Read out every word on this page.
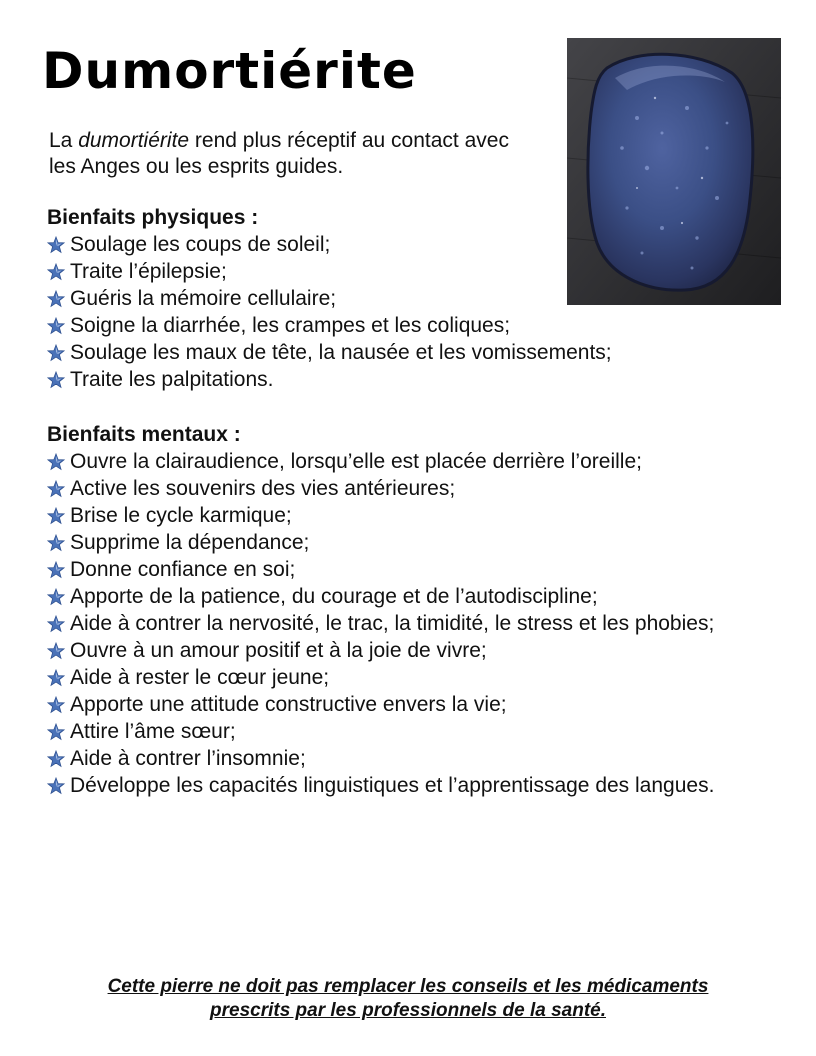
Dumortiérite

La dumortiérite rend plus réceptif au contact avec les Anges ou les esprits guides.

Bienfaits physiques :

Soulage les coups de soleil;
Traite l’épilepsie;
Guéris la mémoire cellulaire;
Soigne la diarrhée, les crampes et les coliques;
Soulage les maux de tête, la nausée et les vomissements;
Traite les palpitations.

Bienfaits mentaux :

Ouvre la clairaudience, lorsqu’elle est placée derrière l’oreille;
Active les souvenirs des vies antérieures;
Brise le cycle karmique;
Supprime la dépendance;
Donne confiance en soi;
Apporte de la patience, du courage et de l’autodiscipline;
Aide à contrer la nervosité, le trac, la timidité, le stress et les phobies;
Ouvre à un amour positif et à la joie de vivre;
Aide à rester le cœur jeune;
Apporte une attitude constructive envers la vie;
Attire l’âme sœur;
Aide à contrer l’insomnie;
Développe les capacités linguistiques et l’apprentissage des langues.

Cette pierre ne doit pas remplacer les conseils et les médicaments
prescrits par les professionnels de la santé.
